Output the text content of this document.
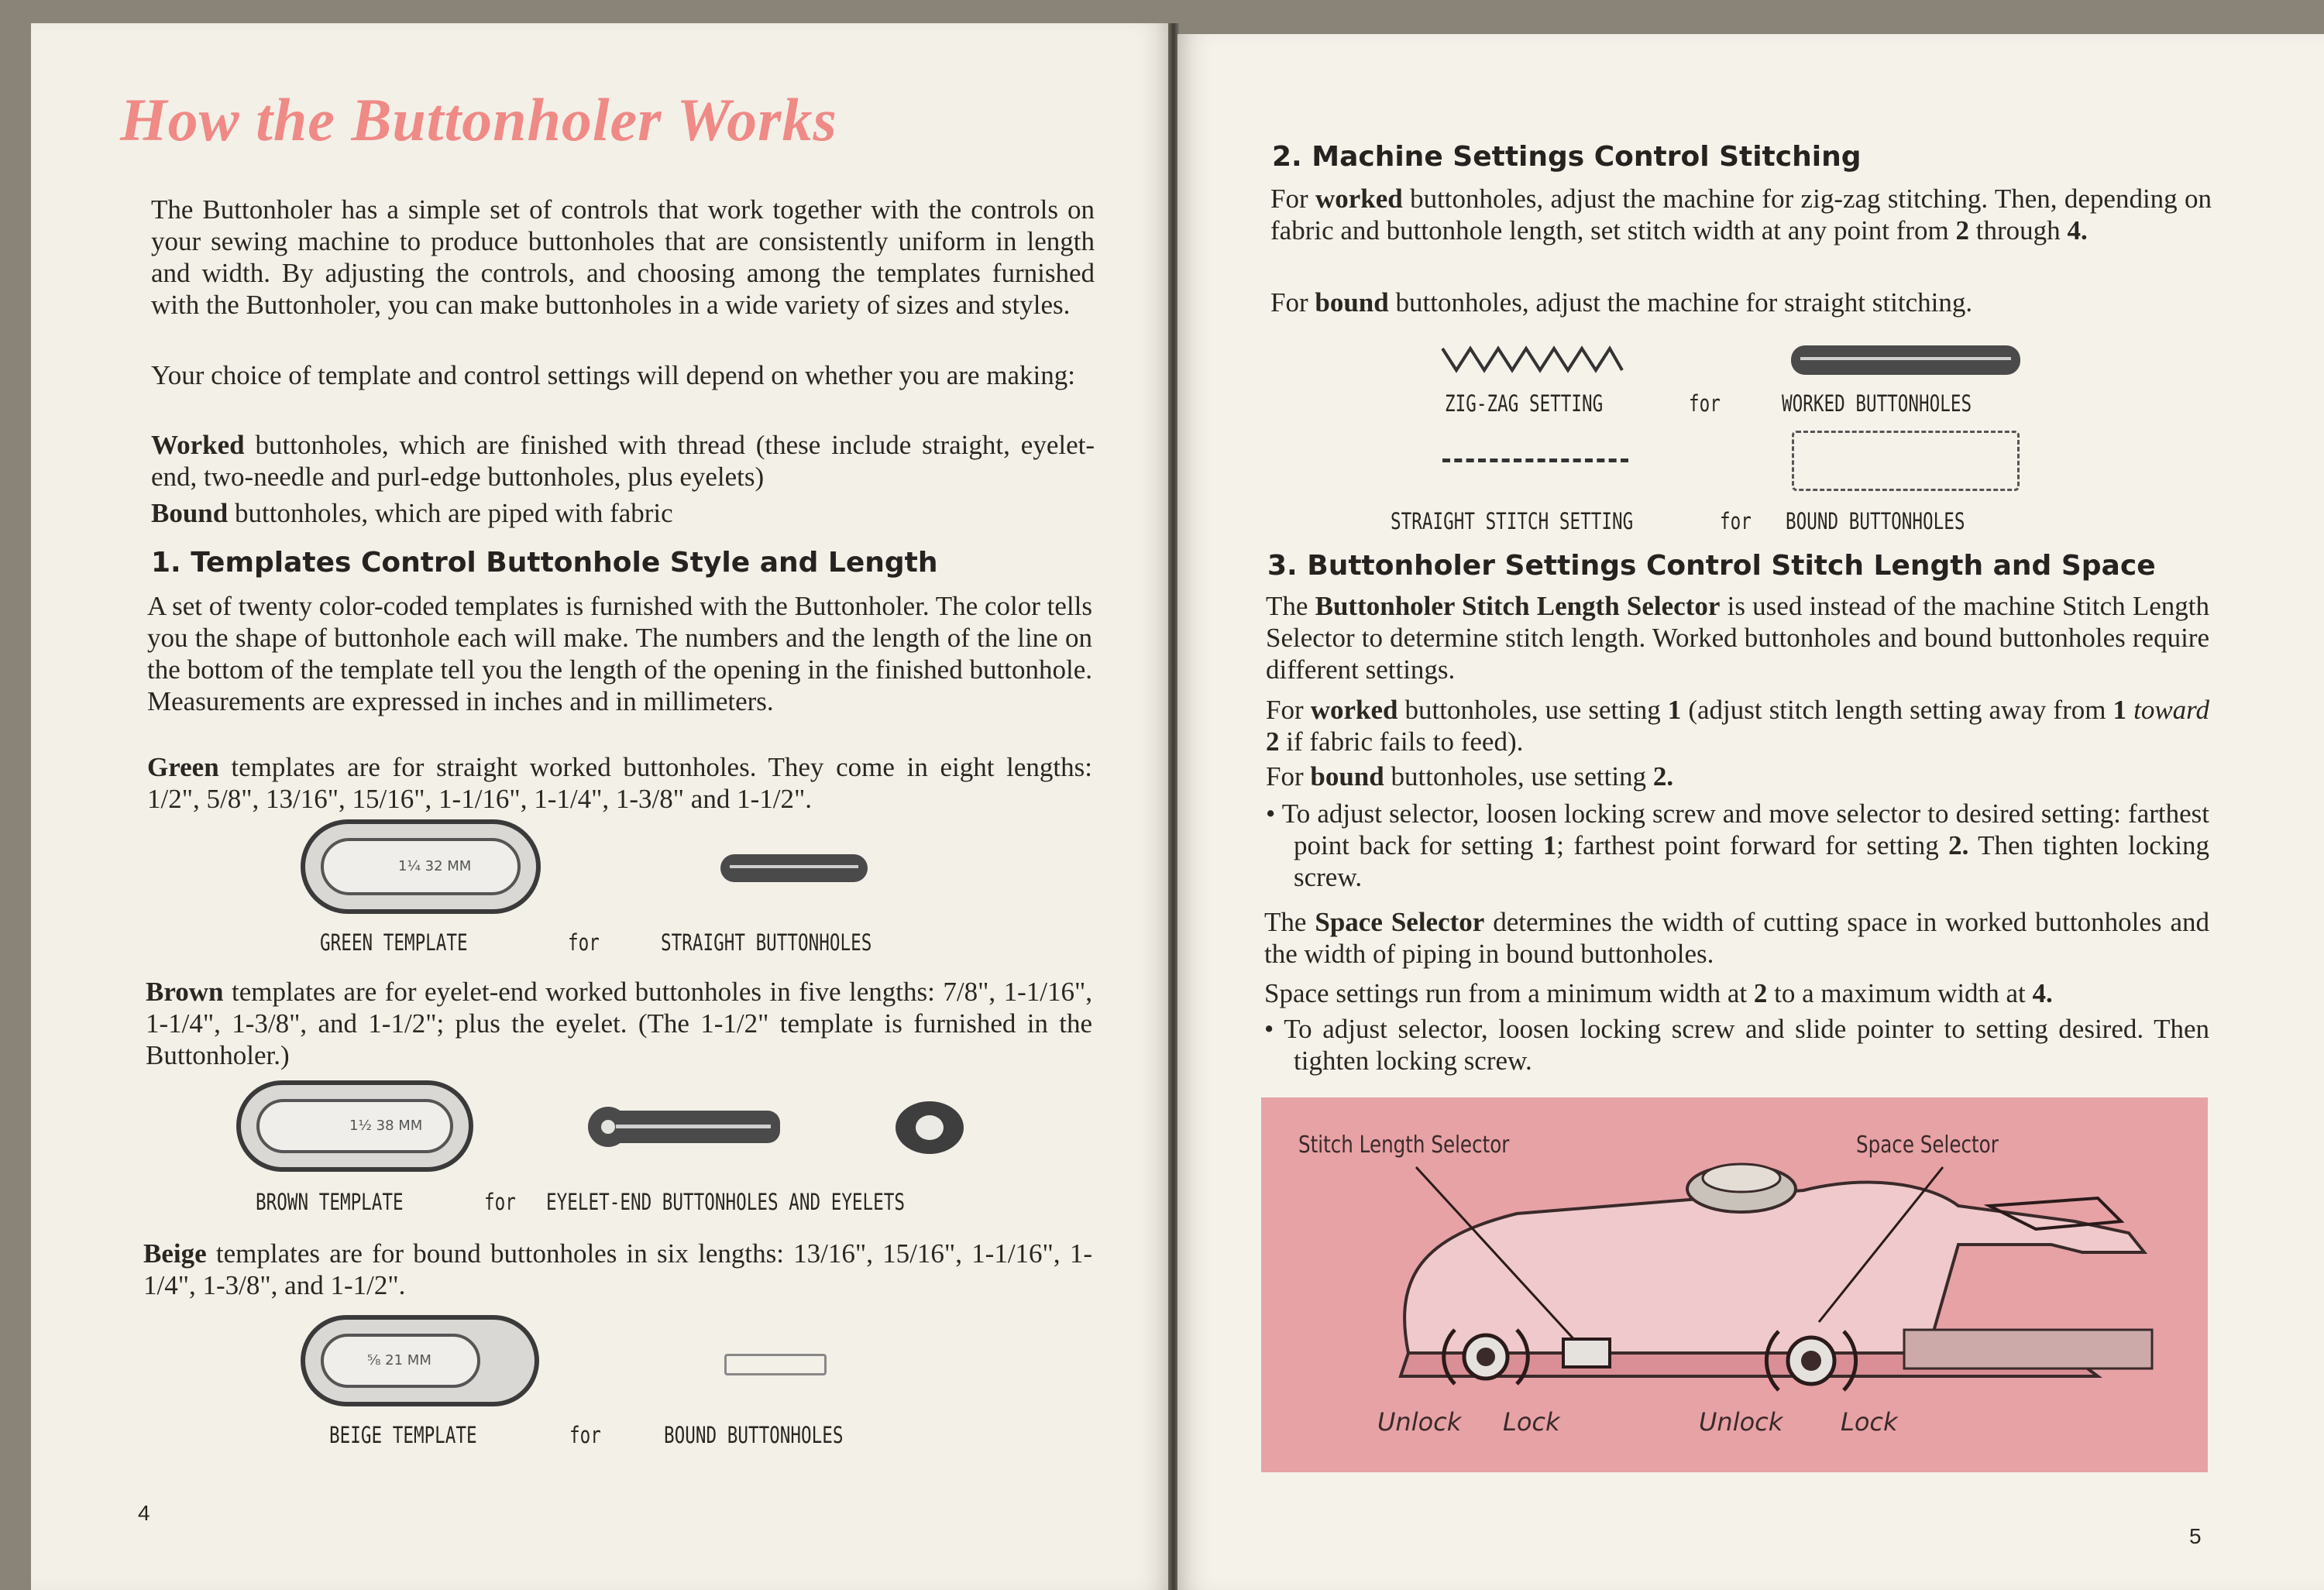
How the Buttonholer Works
The Buttonholer has a simple set of controls that work together with the controls on your sewing machine to produce buttonholes that are consistently uniform in length and width. By adjusting the controls, and choosing among the templates furnished with the Buttonholer, you can make buttonholes in a wide variety of sizes and styles.
Your choice of template and control settings will depend on whether you are making:
Worked buttonholes, which are finished with thread (these include straight, eyelet-end, two-needle and purl-edge buttonholes, plus eyelets)
Bound buttonholes, which are piped with fabric
1. Templates Control Buttonhole Style and Length
A set of twenty color-coded templates is furnished with the Buttonholer. The color tells you the shape of buttonhole each will make. The numbers and the length of the line on the bottom of the template tell you the length of the opening in the finished buttonhole. Measurements are expressed in inches and in millimeters.
Green templates are for straight worked buttonholes. They come in eight lengths: 1/2", 5/8", 13/16", 15/16", 1-1/16", 1-1/4", 1-3/8" and 1-1/2".
1¼ 32 MM
GREEN TEMPLATE	for	STRAIGHT BUTTONHOLES
Brown templates are for eyelet-end worked buttonholes in five lengths: 7/8", 1-1/16", 1-1/4", 1-3/8", and 1-1/2"; plus the eyelet. (The 1-1/2" template is furnished in the Buttonholer.)
1½ 38 MM
BROWN TEMPLATE	for EYELET-END BUTTONHOLES AND EYELETS
Beige templates are for bound buttonholes in six lengths: 13/16", 15/16", 1-1/16", 1-1/4", 1-3/8", and 1-1/2".
⅝ 21 MM
BEIGE TEMPLATE	for	BOUND BUTTONHOLES
4
2. Machine Settings Control Stitching
For worked buttonholes, adjust the machine for zig-zag stitching. Then, depending on fabric and buttonhole length, set stitch width at any point from 2 through 4.
For bound buttonholes, adjust the machine for straight stitching.
ZIG-ZAG SETTING	for	WORKED BUTTONHOLES
STRAIGHT STITCH SETTING	for BOUND BUTTONHOLES
3. Buttonholer Settings Control Stitch Length and Space
The Buttonholer Stitch Length Selector is used instead of the machine Stitch Length Selector to determine stitch length. Worked buttonholes and bound buttonholes require different settings.
For worked buttonholes, use setting 1 (adjust stitch length setting away from 1 toward 2 if fabric fails to feed).
For bound buttonholes, use setting 2.
• To adjust selector, loosen locking screw and move selector to desired setting: farthest point back for setting 1; farthest point forward for setting 2. Then tighten locking screw.
The Space Selector determines the width of cutting space in worked buttonholes and the width of piping in bound buttonholes.
Space settings run from a minimum width at 2 to a maximum width at 4.
• To adjust selector, loosen locking screw and slide pointer to setting desired. Then tighten locking screw.
Stitch Length Selector	Space Selector
Unlock Lock	Unlock Lock
5
